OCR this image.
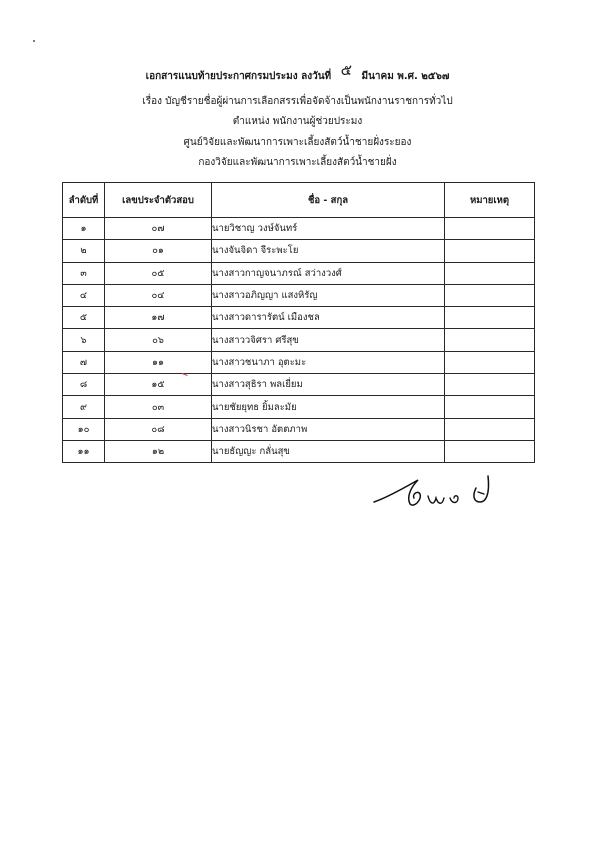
เอกสารแนบท้ายประกาศกรมประมง ลงวันที่ ๕ มีนาคม พ.ศ. ๒๕๖๗
เรื่อง บัญชีรายชื่อผู้ผ่านการเลือกสรรเพื่อจัดจ้างเป็นพนักงานราชการทั่วไป
ตำแหน่ง พนักงานผู้ช่วยประมง
ศูนย์วิจัยและพัฒนาการเพาะเลี้ยงสัตว์น้ำชายฝั่งระยอง
กองวิจัยและพัฒนาการเพาะเลี้ยงสัตว์น้ำชายฝั่ง
ลำดับที่	เลขประจำตัวสอบ	ชื่อ - สกุล	หมายเหตุ
๑	๐๗	นายวิชาญ วงษ์จันทร์	
๒	๐๑	นางจันจิดา จีระพะโย	
๓	๐๕	นางสาวกาญจนาภรณ์ สว่างวงศ์	
๔	๐๔	นางสาวอภิญญา แสงหิรัญ	
๕	๑๗	นางสาวดารารัตน์ เมืองชล	
๖	๐๖	นางสาววจิศรา ศรีสุข	
๗	๑๑	นางสาวชนาภา อุตะมะ	
๘	๑๕	นางสาวสุธิรา พลเยี่ยม	
๙	๐๓	นายชัยยุทธ ยิ้มละมัย	
๑๐	๐๘	นางสาวนิรชา อัตตภาพ	
๑๑	๑๒	นายธัญญะ กลั่นสุข	
